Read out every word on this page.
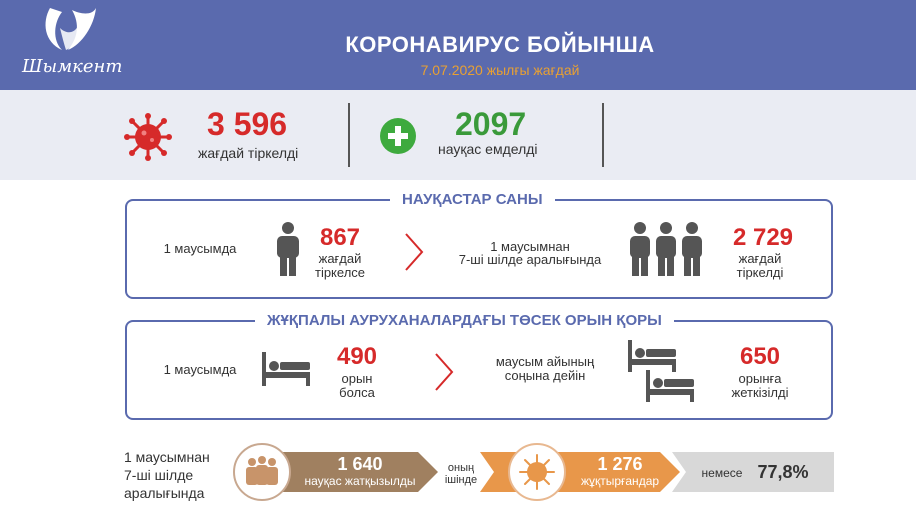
Шымкент
КОРОНАВИРУС БОЙЫНША
7.07.2020 жылғы жағдай
3 596
жағдай тіркелді
2097
науқас емделді
НАУҚАСТАР САНЫ
1 маусымда	867
жағдай
тіркелсе
1 маусымнан
7-ші шілде аралығында
2 729
жағдай
тіркелді
ЖҰҚПАЛЫ АУРУХАНАЛАРДАҒЫ ТӨСЕК ОРЫН ҚОРЫ
1 маусымда	490
орын
болса
маусым айының
соңына дейін
650
орынға
жеткізілді
1 маусымнан
7-ші шілде
аралығында
1 640
науқас жатқызылды
оның
ішінде
1 276
жұқтырғандар
немесе 77,8%
